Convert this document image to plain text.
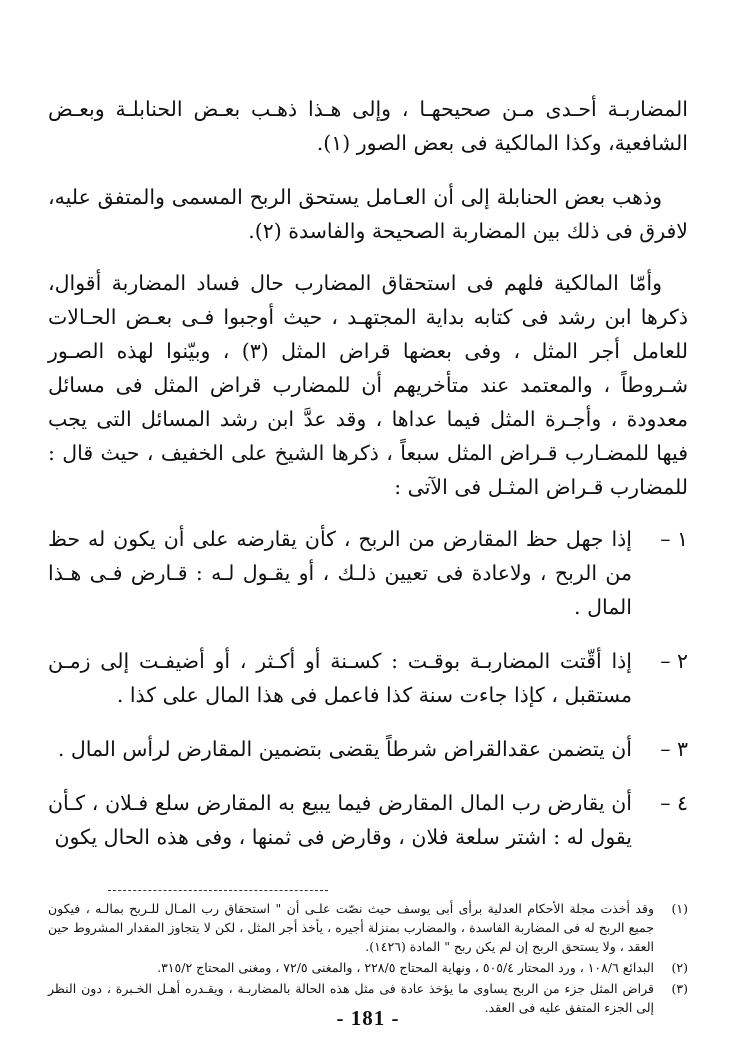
المضاربـة أحـدى مـن صحيحهـا ، وإلى هـذا ذهـب بعـض الحنابلـة وبعـض الشافعية، وكذا المالكية فى بعض الصور (١).

وذهب بعض الحنابلة إلى أن العـامل يستحق الربح المسمى والمتفق عليه، لافرق فى ذلك بين المضاربة الصحيحة والفاسدة (٢).

وأمّا المالكية فلهم فى استحقاق المضارب حال فساد المضاربة أقوال، ذكرها ابن رشد فى كتابه بداية المجتهـد ، حيث أوجبوا فـى بعـض الحـالات للعامل أجر المثل ، وفى بعضها قراض المثل (٣) ، وبيّنوا لهذه الصـور شـروطاً ، والمعتمد عند متأخريهم أن للمضارب قراض المثل فى مسائل معدودة ، وأجـرة المثل فيما عداها ، وقد عدَّ ابن رشد المسائل التى يجب فيها للمضـارب قـراض المثل سبعاً ، ذكرها الشيخ على الخفيف ، حيث قال : للمضارب قـراض المثـل فى الآتى :

١ –
إذا جهل حظ المقارض من الربح ، كأن يقارضه على أن يكون له حظ من الربح ، ولاعادة فى تعيين ذلـك ، أو يقـول لـه : قـارض فـى هـذا المال .
٢ –
إذا أقّتت المضاربـة بوقـت : كسـنة أو أكـثر ، أو أضيفـت إلى زمـن مستقبل ، كإذا جاءت سنة كذا فاعمل فى هذا المال على كذا .
٣ –
أن يتضمن عقدالقراض شرطاً يقضى بتضمين المقارض لرأس المال .
٤ –
أن يقارض رب المال المقارض فيما يبيع به المقارض سلع فـلان ، كـأن يقول له : اشتر سلعة فلان ، وقارض فى ثمنها ، وفى هذه الحال يكون
(١)
وقد أخذت مجلة الأحكام العدلية برأى أبى يوسف حيث نصّت علـى أن " استحقاق رب المـال للـربح بمالـه ، فيكون جميع الربح له فى المضاربة الفاسدة ، والمضارب بمنزلة أجيره ، يأخذ أجر المثل ، لكن لا يتجاوز المقدار المشروط حين العقد ، ولا يستحق الربح إن لم يكن ربح " المادة (١٤٢٦).
(٢)
البدائع ١٠٨/٦ ، ورد المحتار ٥٠٥/٤ ، ونهاية المحتاج ٢٢٨/٥ ، والمغنى ٧٢/٥ ، ومغنى المحتاج ٣١٥/٢.
(٣)
قراض المثل جزء من الربح يساوى ما يؤخذ عادة فى مثل هذه الحالة بالمضاربـة ، ويقـدره أهـل الخـبرة ، دون النظر إلى الجزء المتفق عليه فى العقد.
- 181 -
